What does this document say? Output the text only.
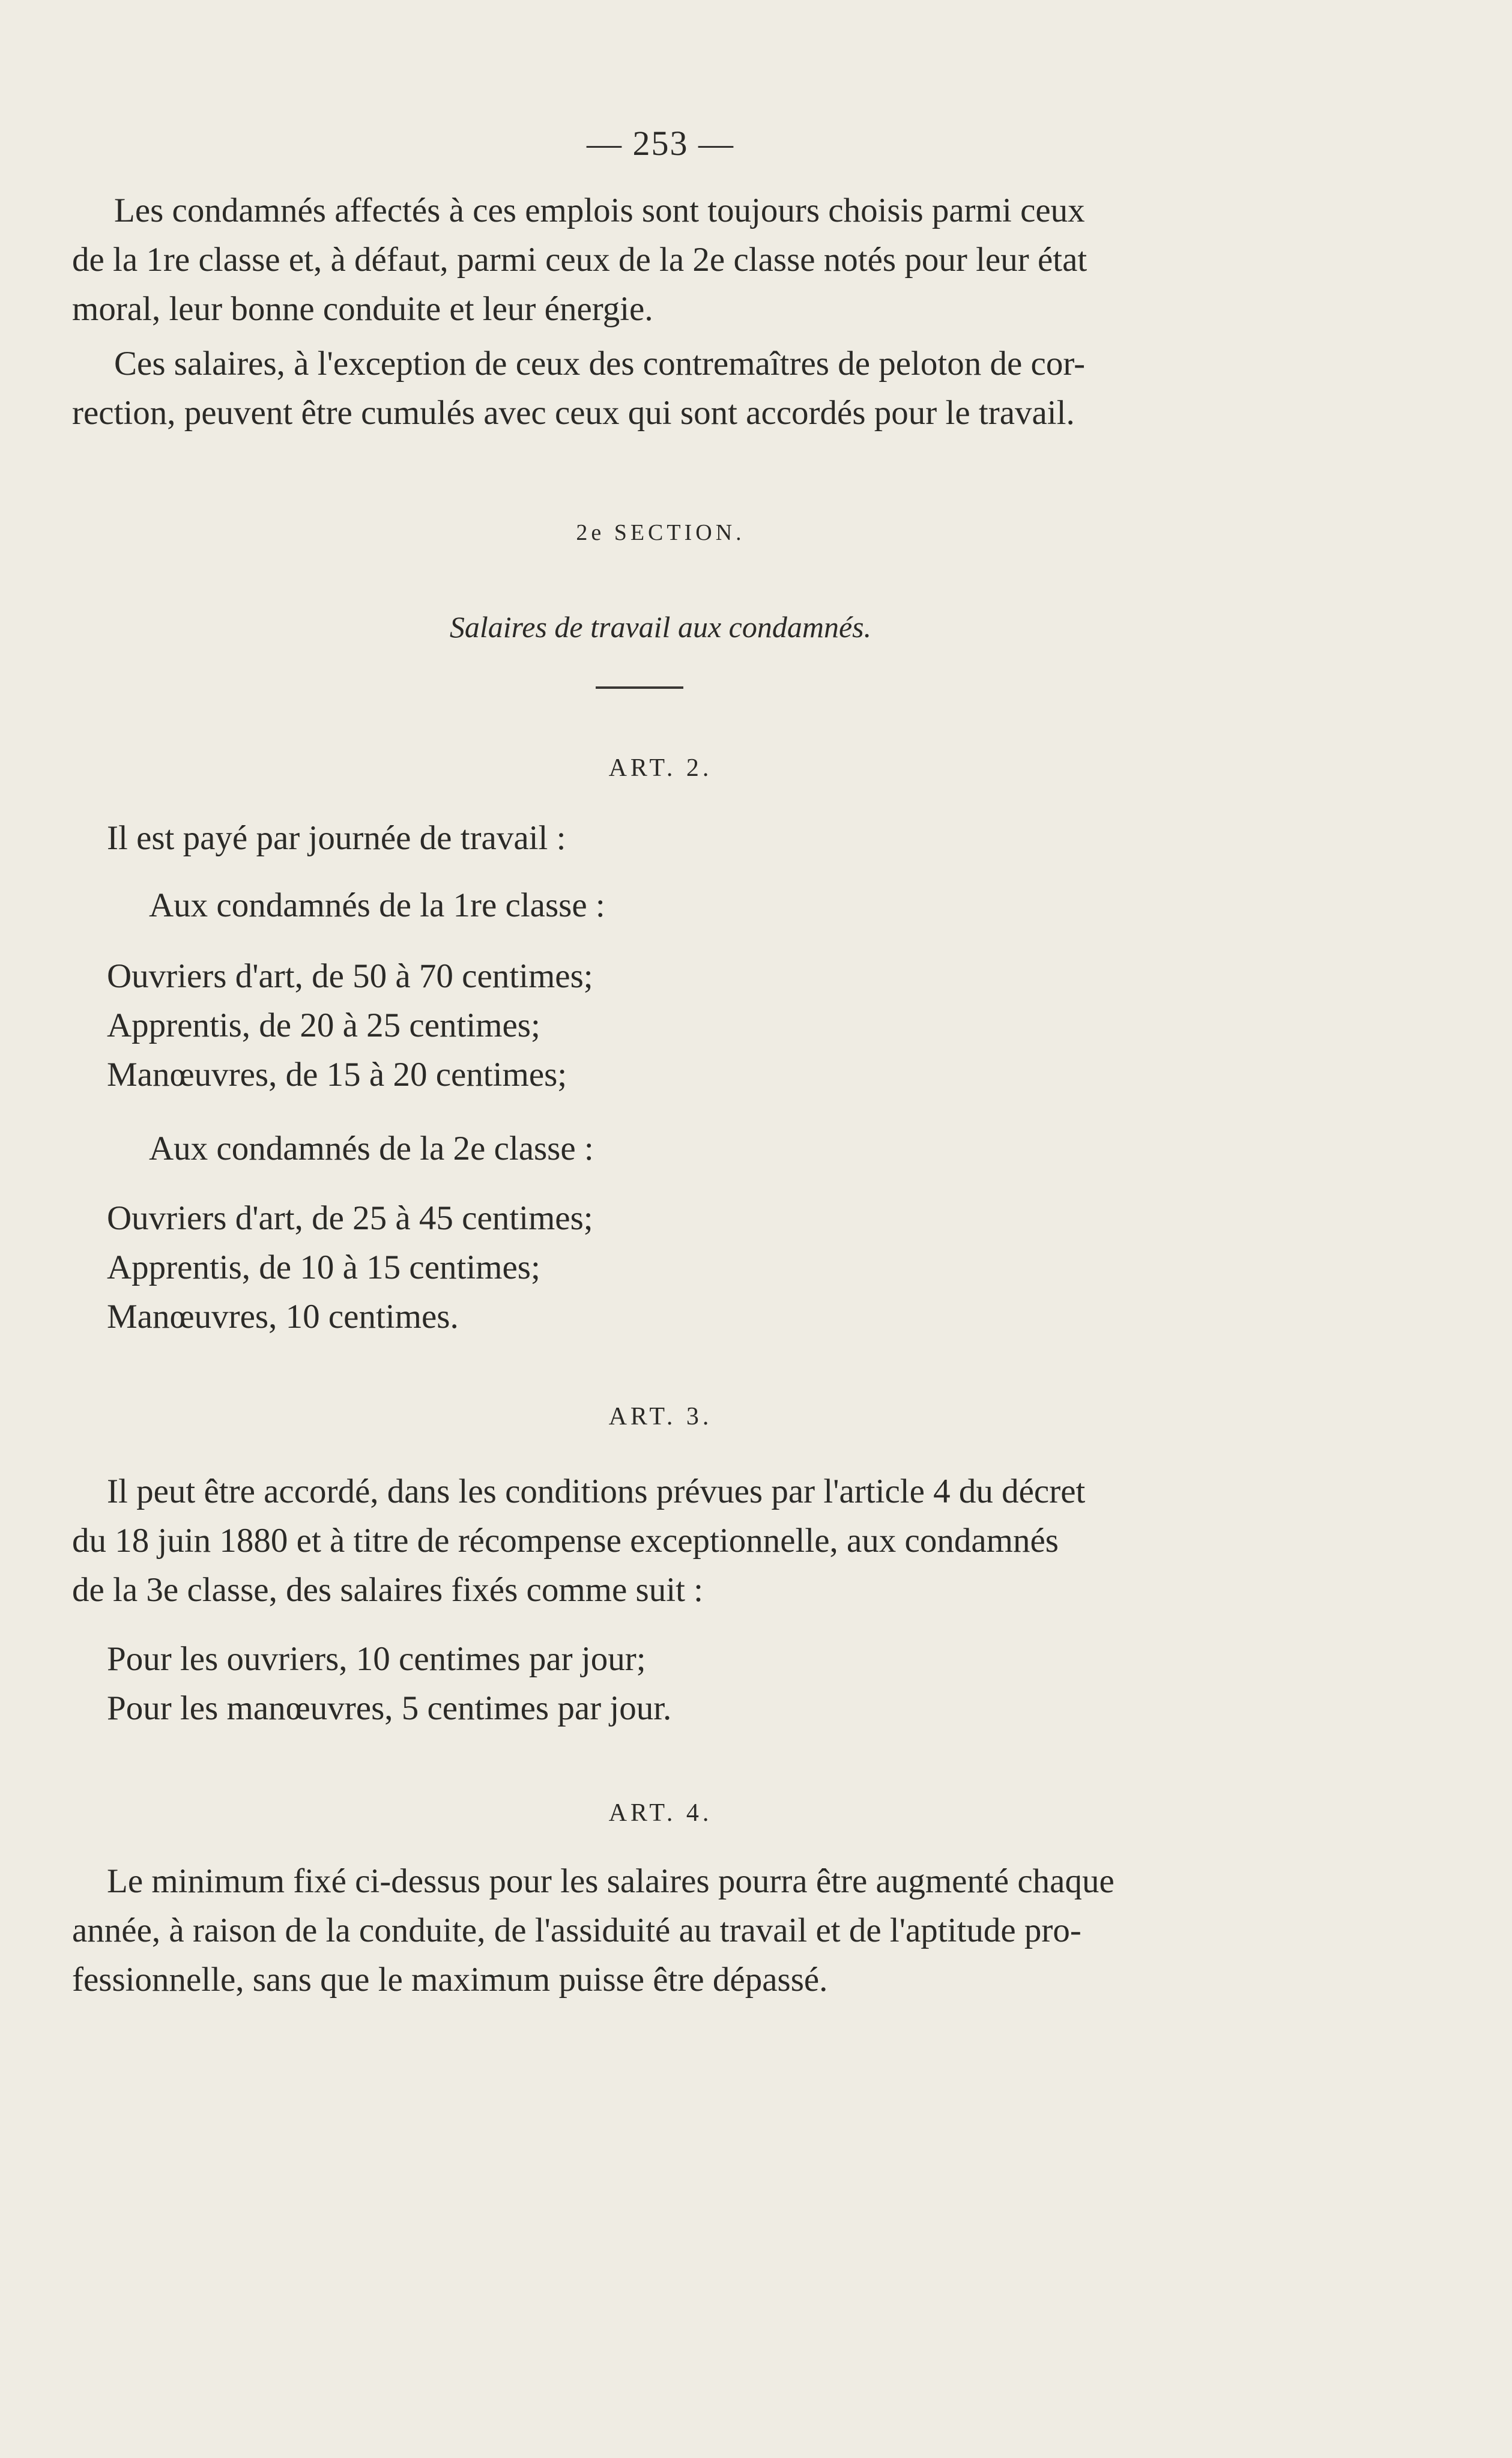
— 253 —
Les condamnés affectés à ces emplois sont toujours choisis parmi ceux
de la 1re classe et, à défaut, parmi ceux de la 2e classe notés pour leur état
moral, leur bonne conduite et leur énergie.
Ces salaires, à l'exception de ceux des contremaîtres de peloton de cor-
rection, peuvent être cumulés avec ceux qui sont accordés pour le travail.
2e SECTION.
Salaires de travail aux condamnés.
ART. 2.
Il est payé par journée de travail :
Aux condamnés de la 1re classe :
Ouvriers d'art, de 50 à 70 centimes;
Apprentis, de 20 à 25 centimes;
Manœuvres, de 15 à 20 centimes;
Aux condamnés de la 2e classe :
Ouvriers d'art, de 25 à 45 centimes;
Apprentis, de 10 à 15 centimes;
Manœuvres, 10 centimes.
ART. 3.
Il peut être accordé, dans les conditions prévues par l'article 4 du décret
du 18 juin 1880 et à titre de récompense exceptionnelle, aux condamnés
de la 3e classe, des salaires fixés comme suit :
Pour les ouvriers, 10 centimes par jour;
Pour les manœuvres, 5 centimes par jour.
ART. 4.
Le minimum fixé ci-dessus pour les salaires pourra être augmenté chaque
année, à raison de la conduite, de l'assiduité au travail et de l'aptitude pro-
fessionnelle, sans que le maximum puisse être dépassé.
